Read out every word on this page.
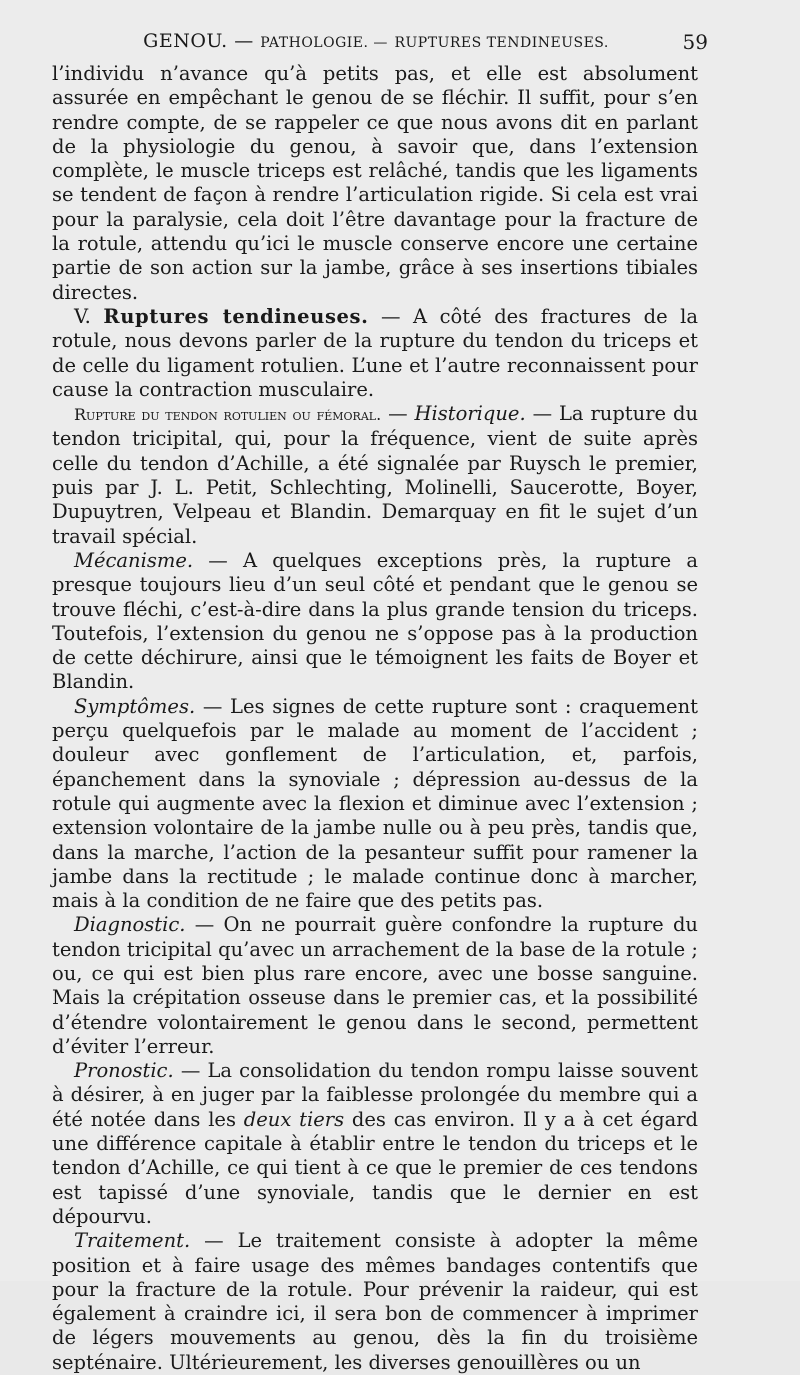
GENOU. — PATHOLOGIE. — RUPTURES TENDINEUSES.	59

l’individu n’avance qu’à petits pas, et elle est absolument assurée en empêchant le genou de se fléchir. Il suffit, pour s’en rendre compte, de se rappeler ce que nous avons dit en parlant de la physiologie du genou, à savoir que, dans l’extension complète, le muscle triceps est relâché, tandis que les ligaments se tendent de façon à rendre l’articulation rigide. Si cela est vrai pour la paralysie, cela doit l’être davantage pour la fracture de la rotule, attendu qu’ici le muscle conserve encore une certaine partie de son action sur la jambe, grâce à ses insertions tibiales directes.

V. Ruptures tendineuses. — A côté des fractures de la rotule, nous devons parler de la rupture du tendon du triceps et de celle du ligament rotulien. L’une et l’autre reconnaissent pour cause la contraction musculaire.

Rupture du tendon rotulien ou fémoral. — Historique. — La rupture du tendon tricipital, qui, pour la fréquence, vient de suite après celle du tendon d’Achille, a été signalée par Ruysch le premier, puis par J. L. Petit, Schlechting, Molinelli, Saucerotte, Boyer, Dupuytren, Velpeau et Blandin. Demarquay en fit le sujet d’un travail spécial.

Mécanisme. — A quelques exceptions près, la rupture a presque toujours lieu d’un seul côté et pendant que le genou se trouve fléchi, c’est-à-dire dans la plus grande tension du triceps. Toutefois, l’extension du genou ne s’oppose pas à la production de cette déchirure, ainsi que le témoignent les faits de Boyer et Blandin.

Symptômes. — Les signes de cette rupture sont : craquement perçu quelquefois par le malade au moment de l’accident ; douleur avec gonflement de l’articulation, et, parfois, épanchement dans la synoviale ; dépression au-dessus de la rotule qui augmente avec la flexion et diminue avec l’extension ; extension volontaire de la jambe nulle ou à peu près, tandis que, dans la marche, l’action de la pesanteur suffit pour ramener la jambe dans la rectitude ; le malade continue donc à marcher, mais à la condition de ne faire que des petits pas.

Diagnostic. — On ne pourrait guère confondre la rupture du tendon tricipital qu’avec un arrachement de la base de la rotule ; ou, ce qui est bien plus rare encore, avec une bosse sanguine. Mais la crépitation osseuse dans le premier cas, et la possibilité d’étendre volontairement le genou dans le second, permettent d’éviter l’erreur.

Pronostic. — La consolidation du tendon rompu laisse souvent à désirer, à en juger par la faiblesse prolongée du membre qui a été notée dans les deux tiers des cas environ. Il y a à cet égard une différence capitale à établir entre le tendon du triceps et le tendon d’Achille, ce qui tient à ce que le premier de ces tendons est tapissé d’une synoviale, tandis que le dernier en est dépourvu.

Traitement. — Le traitement consiste à adopter la même position et à faire usage des mêmes bandages contentifs que pour la fracture de la rotule. Pour prévenir la raideur, qui est également à craindre ici, il sera bon de commencer à imprimer de légers mouvements au genou, dès la fin du troisième septénaire. Ultérieurement, les diverses genouillères ou un
